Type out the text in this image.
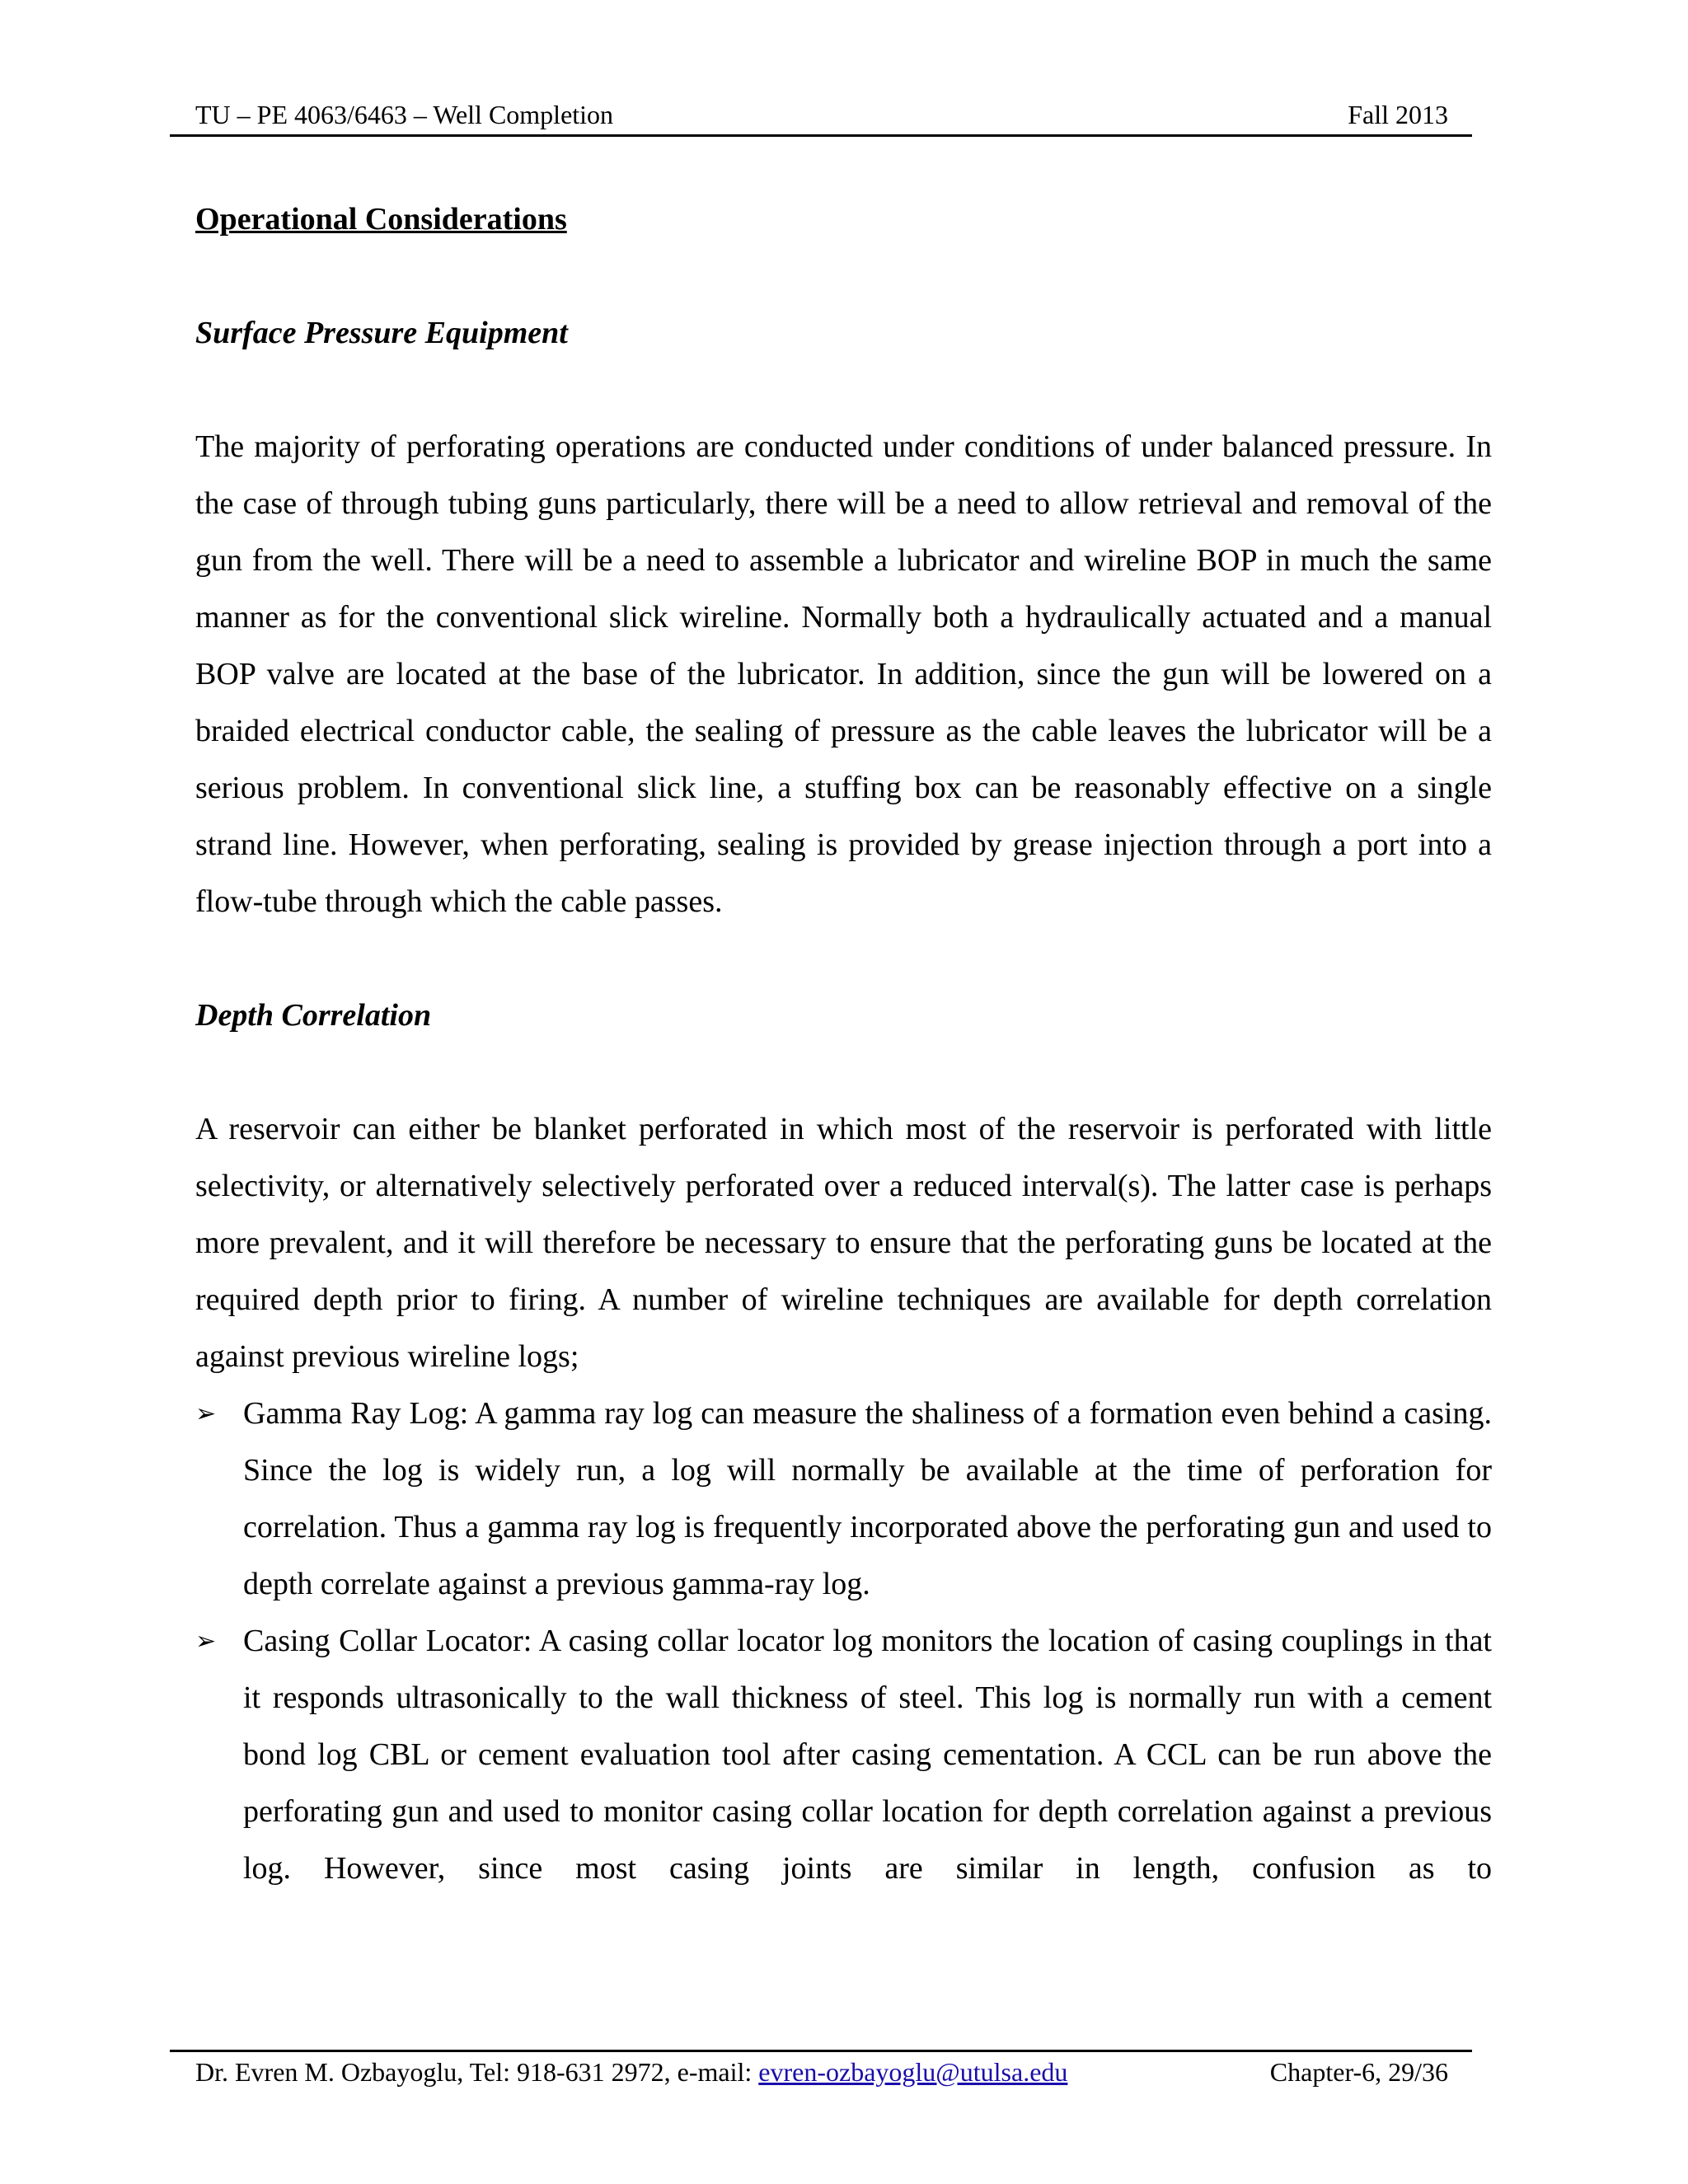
TU – PE 4063/6463 – Well Completion	Fall 2013
Operational Considerations
Surface Pressure Equipment

The majority of perforating operations are conducted under conditions of under balanced pressure. In the case of through tubing guns particularly, there will be a need to allow retrieval and removal of the gun from the well. There will be a need to assemble a lubricator and wireline BOP in much the same manner as for the conventional slick wireline. Normally both a hydraulically actuated and a manual BOP valve are located at the base of the lubricator. In addition, since the gun will be lowered on a braided electrical conductor cable, the sealing of pressure as the cable leaves the lubricator will be a serious problem. In conventional slick line, a stuffing box can be reasonably effective on a single strand line. However, when perforating, sealing is provided by grease injection through a port into a flow-tube through which the cable passes.

Depth Correlation

A reservoir can either be blanket perforated in which most of the reservoir is perforated with little selectivity, or alternatively selectively perforated over a reduced interval(s). The latter case is perhaps more prevalent, and it will therefore be necessary to ensure that the perforating guns be located at the required depth prior to firing. A number of wireline techniques are available for depth correlation against previous wireline logs;

➢ Gamma Ray Log: A gamma ray log can measure the shaliness of a formation even behind a casing. Since the log is widely run, a log will normally be available at the time of perforation for correlation. Thus a gamma ray log is frequently incorporated above the perforating gun and used to depth correlate against a previous gamma-ray log.
➢ Casing Collar Locator: A casing collar locator log monitors the location of casing couplings in that it responds ultrasonically to the wall thickness of steel. This log is normally run with a cement bond log CBL or cement evaluation tool after casing cementation. A CCL can be run above the perforating gun and used to monitor casing collar location for depth correlation against a previous log. However, since most casing joints are similar in length, confusion as to
Dr. Evren M. Ozbayoglu, Tel: 918-631 2972, e-mail: evren-ozbayoglu@utulsa.edu	Chapter-6, 29/36
